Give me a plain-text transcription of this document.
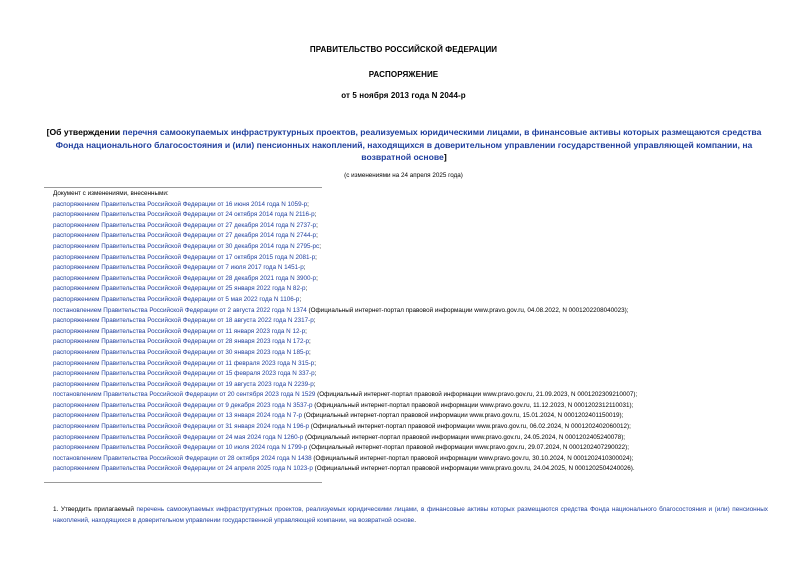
ПРАВИТЕЛЬСТВО РОССИЙСКОЙ ФЕДЕРАЦИИ
РАСПОРЯЖЕНИЕ
от 5 ноября 2013 года N 2044-р
[Об утверждении перечня самоокупаемых инфраструктурных проектов, реализуемых юридическими лицами, в финансовые активы которых размещаются средства Фонда национального благосостояния и (или) пенсионных накоплений, находящихся в доверительном управлении государственной управляющей компании, на возвратной основе]
(с изменениями на 24 апреля 2025 года)
Документ с изменениями, внесенными:
распоряжением Правительства Российской Федерации от 16 июня 2014 года N 1059-р;
распоряжением Правительства Российской Федерации от 24 октября 2014 года N 2116-р;
распоряжением Правительства Российской Федерации от 27 декабря 2014 года N 2737-р;
распоряжением Правительства Российской Федерации от 27 декабря 2014 года N 2744-р;
распоряжением Правительства Российской Федерации от 30 декабря 2014 года N 2795-рс;
распоряжением Правительства Российской Федерации от 17 октября 2015 года N 2081-р;
распоряжением Правительства Российской Федерации от 7 июля 2017 года N 1451-р;
распоряжением Правительства Российской Федерации от 28 декабря 2021 года N 3900-р;
распоряжением Правительства Российской Федерации от 25 января 2022 года N 82-р;
распоряжением Правительства Российской Федерации от 5 мая 2022 года N 1106-р;
постановлением Правительства Российской Федерации от 2 августа 2022 года N 1374 (Официальный интернет-портал правовой информации www.pravo.gov.ru, 04.08.2022, N 0001202208040023);
распоряжением Правительства Российской Федерации от 18 августа 2022 года N 2317-р;
распоряжением Правительства Российской Федерации от 11 января 2023 года N 12-р;
распоряжением Правительства Российской Федерации от 28 января 2023 года N 172-р;
распоряжением Правительства Российской Федерации от 30 января 2023 года N 185-р;
распоряжением Правительства Российской Федерации от 11 февраля 2023 года N 315-р;
распоряжением Правительства Российской Федерации от 15 февраля 2023 года N 337-р;
распоряжением Правительства Российской Федерации от 19 августа 2023 года N 2239-р;
постановлением Правительства Российской Федерации от 20 сентября 2023 года N 1529 (Официальный интернет-портал правовой информации www.pravo.gov.ru, 21.09.2023, N 0001202309210007);
распоряжением Правительства Российской Федерации от 9 декабря 2023 года N 3537-р (Официальный интернет-портал правовой информации www.pravo.gov.ru, 11.12.2023, N 0001202312110031);
распоряжением Правительства Российской Федерации от 13 января 2024 года N 7-р (Официальный интернет-портал правовой информации www.pravo.gov.ru, 15.01.2024, N 0001202401150019);
распоряжением Правительства Российской Федерации от 31 января 2024 года N 196-р (Официальный интернет-портал правовой информации www.pravo.gov.ru, 06.02.2024, N 0001202402060012);
распоряжением Правительства Российской Федерации от 24 мая 2024 года N 1260-р (Официальный интернет-портал правовой информации www.pravo.gov.ru, 24.05.2024, N 0001202405240078);
распоряжением Правительства Российской Федерации от 10 июля 2024 года N 1799-р (Официальный интернет-портал правовой информации www.pravo.gov.ru, 29.07.2024, N 0001202407290022);
постановлением Правительства Российской Федерации от 28 октября 2024 года N 1438 (Официальный интернет-портал правовой информации www.pravo.gov.ru, 30.10.2024, N 0001202410300024);
распоряжением Правительства Российской Федерации от 24 апреля 2025 года N 1023-р (Официальный интернет-портал правовой информации www.pravo.gov.ru, 24.04.2025, N 0001202504240026).
1. Утвердить прилагаемый перечень самоокупаемых инфраструктурных проектов, реализуемых юридическими лицами, в финансовые активы которых размещаются средства Фонда национального благосостояния и (или) пенсионных накоплений, находящихся в доверительном управлении государственной управляющей компании, на возвратной основе.
